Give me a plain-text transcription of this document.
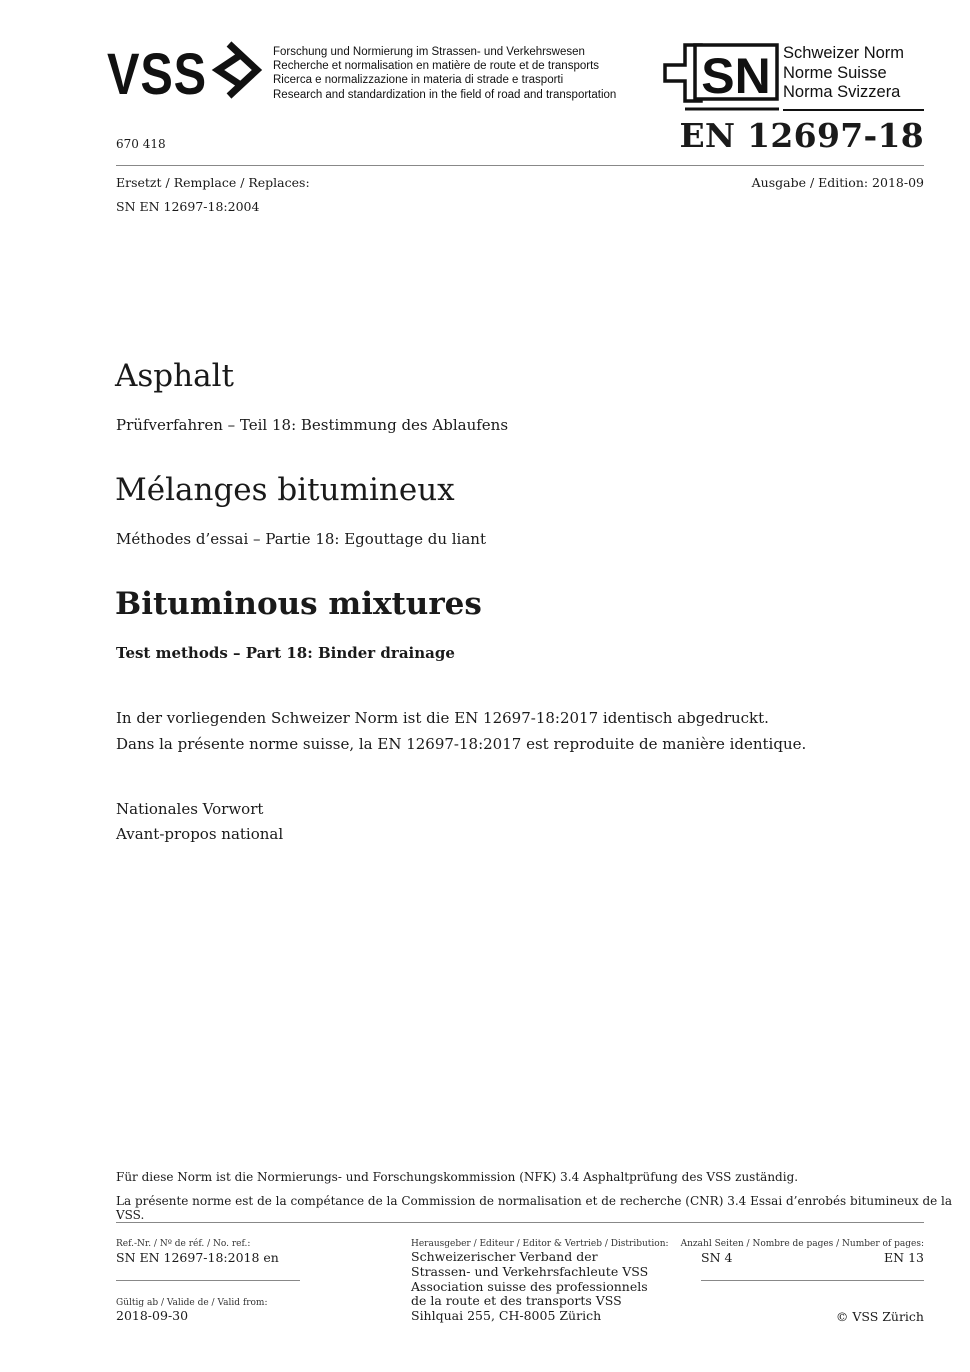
VSS	Forschung und Normierung im Strassen- und Verkehrswesen
Recherche et normalisation en matière de route et de transports
Ricerca e normalizzazione in materia di strade e trasporti
Research and standardization in the field of road and transportation SN Schweizer Norm
Norme Suisse
Norma Svizzera
670 418	EN 12697-18
Ersetzt / Remplace / Replaces:
SN EN 12697-18:2004
Ausgabe / Edition: 2018-09
Asphalt
Prüfverfahren – Teil 18: Bestimmung des Ablaufens
Mélanges bitumineux
Méthodes d’essai – Partie 18: Egouttage du liant
Bituminous mixtures
Test methods – Part 18: Binder drainage
In der vorliegenden Schweizer Norm ist die EN 12697-18:2017 identisch abgedruckt.
Dans la présente norme suisse, la EN 12697-18:2017 est reproduite de manière identique.
Nationales Vorwort
Avant-propos national
Für diese Norm ist die Normierungs- und Forschungskommission (NFK) 3.4 Asphaltprüfung des VSS zuständig.
La présente norme est de la compétance de la Commission de normalisation et de recherche (CNR) 3.4 Essai d’enrobés bitumineux de la VSS.
Ref.-Nr. / Nº de réf. / No. ref.:
SN EN 12697-18:2018 en
Gültig ab / Valide de / Valid from:
2018-09-30
Herausgeber / Editeur / Editor & Vertrieb / Distribution:
Schweizerischer Verband der
Strassen- und Verkehrsfachleute VSS
Association suisse des professionnels
de la route et des transports VSS
Sihlquai 255, CH-8005 Zürich
Anzahl Seiten / Nombre de pages / Number of pages:
SN 4	EN 13
© VSS Zürich
